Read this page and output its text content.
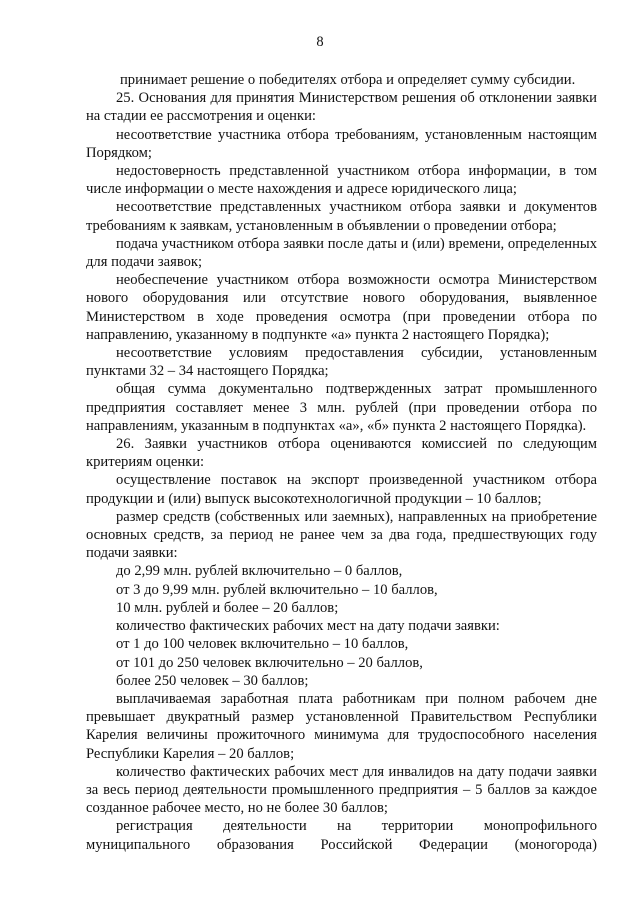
8

принимает решение о победителях отбора и определяет сумму субсидии.

25. Основания для принятия Министерством решения об отклонении заявки на стадии ее рассмотрения и оценки:

несоответствие участника отбора требованиям, установленным настоящим Порядком;

недостоверность представленной участником отбора информации, в том числе информации о месте нахождения и адресе юридического лица;

несоответствие представленных участником отбора заявки и документов требованиям к заявкам, установленным в объявлении о проведении отбора;

подача участником отбора заявки после даты и (или) времени, определенных для подачи заявок;

необеспечение участником отбора возможности осмотра Министерством нового оборудования или отсутствие нового оборудования, выявленное Министерством в ходе проведения осмотра (при проведении отбора по направлению, указанному в подпункте «а» пункта 2 настоящего Порядка);

несоответствие условиям предоставления субсидии, установленным пунктами 32 – 34 настоящего Порядка;

общая сумма документально подтвержденных затрат промышленного предприятия составляет менее 3 млн. рублей (при проведении отбора по направлениям, указанным в подпунктах «а», «б» пункта 2 настоящего Порядка).

26. Заявки участников отбора оцениваются комиссией по следующим критериям оценки:

осуществление поставок на экспорт произведенной участником отбора продукции и (или) выпуск высокотехнологичной продукции – 10 баллов;

размер средств (собственных или заемных), направленных на приобретение основных средств, за период не ранее чем за два года, предшествующих году подачи заявки:

до 2,99 млн. рублей включительно – 0 баллов,

от 3 до 9,99 млн. рублей включительно – 10 баллов,

10 млн. рублей и более – 20 баллов;

количество фактических рабочих мест на дату подачи заявки:

от 1 до 100 человек включительно – 10 баллов,

от 101 до 250 человек включительно – 20 баллов,

более 250 человек – 30 баллов;

выплачиваемая заработная плата работникам при полном рабочем дне превышает двукратный размер установленной Правительством Республики Карелия величины прожиточного минимума для трудоспособного населения Республики Карелия – 20 баллов;

количество фактических рабочих мест для инвалидов на дату подачи заявки за весь период деятельности промышленного предприятия – 5 баллов за каждое созданное рабочее место, но не более 30 баллов;

регистрация деятельности на территории монопрофильного муниципального образования Российской Федерации (моногорода)
